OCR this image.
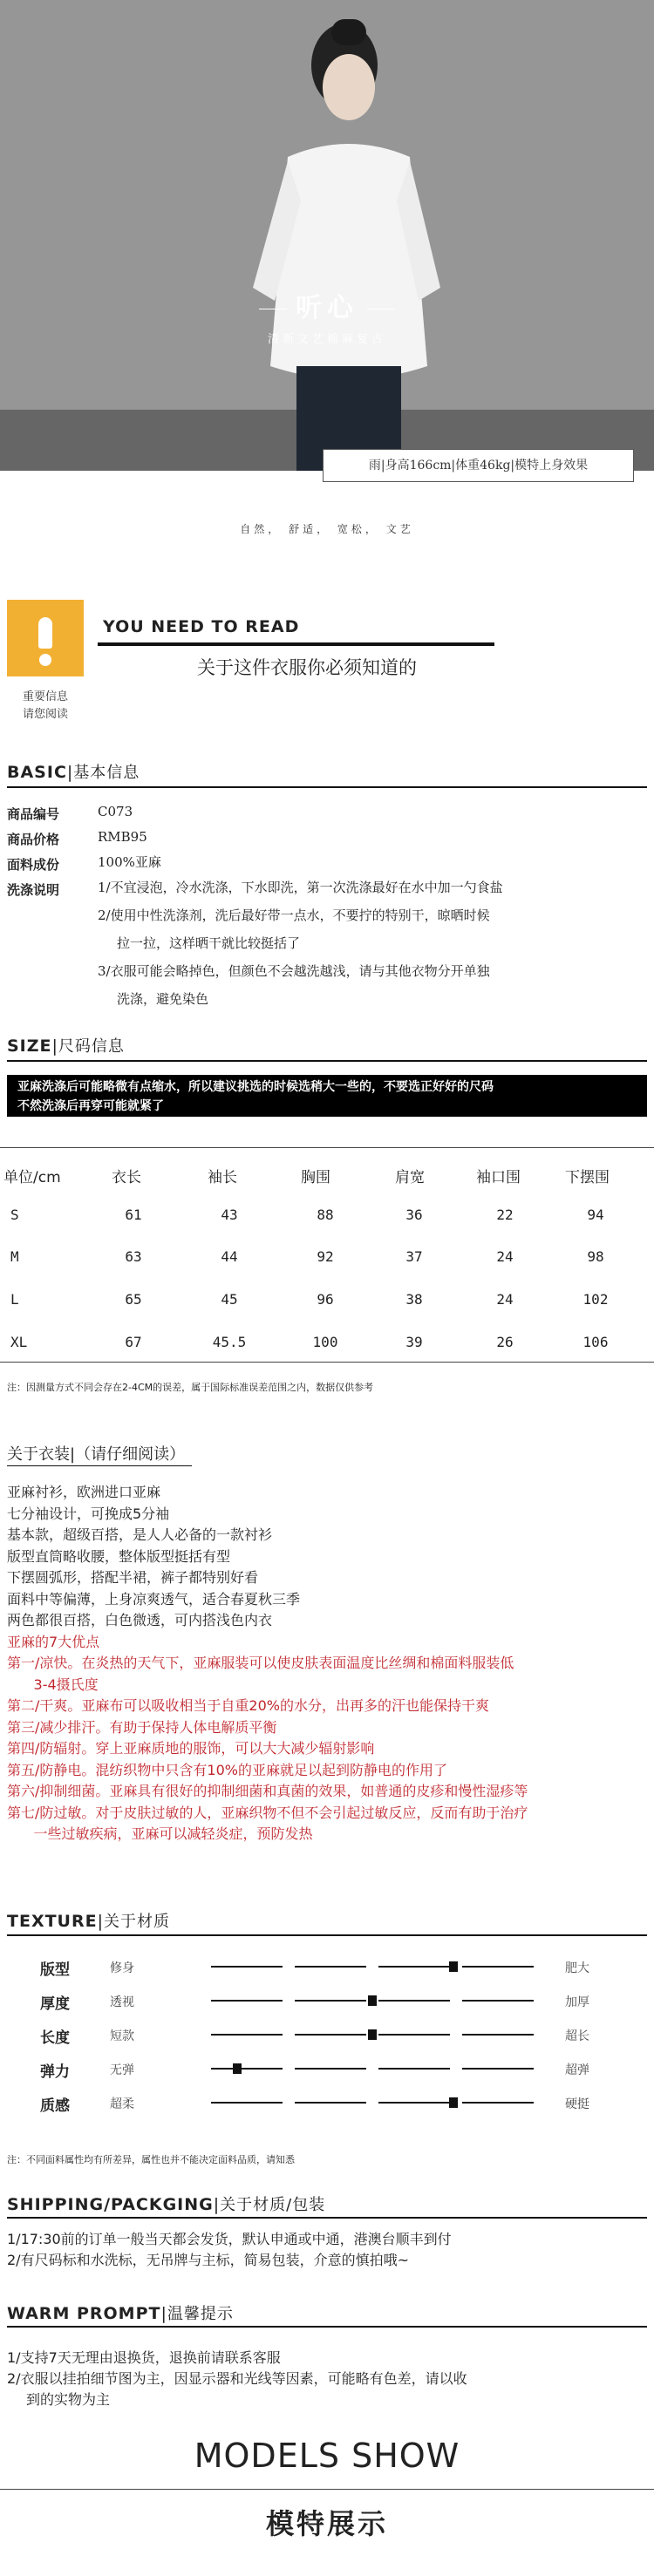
听心
清新文艺棉麻复古
雨|身高166cm|体重46kg|模特上身效果
自然， 舒适， 宽松， 文艺
重要信息
请您阅读
YOU NEED TO READ
关于这件衣服你必须知道的
BASIC|基本信息
商品编号	C073
商品价格	RMB95
面料成份	100%亚麻
洗涤说明	1/不宜浸泡，冷水洗涤，下水即洗，第一次洗涤最好在水中加一勺食盐
2/使用中性洗涤剂，洗后最好带一点水，不要拧的特别干，晾晒时候
拉一拉，这样晒干就比较挺括了
3/衣服可能会略掉色，但颜色不会越洗越浅，请与其他衣物分开单独
洗涤，避免染色
SIZE|尺码信息
亚麻洗涤后可能略微有点缩水，所以建议挑选的时候选稍大一些的，不要选正好好的尺码
不然洗涤后再穿可能就紧了
单位/cm	衣长	袖长	胸围	肩宽	袖口围	下摆围
S	61	43	88	36	22	94
M	63	44	92	37	24	98
L	65	45	96	38	24	102
XL	67	45.5	100	39	26	106
注：因测量方式不同会存在2-4CM的误差，属于国际标准误差范围之内，数据仅供参考
关于衣装|（请仔细阅读）
亚麻衬衫，欧洲进口亚麻
七分袖设计，可挽成5分袖
基本款，超级百搭，是人人必备的一款衬衫
版型直筒略收腰，整体版型挺括有型
下摆圆弧形，搭配半裙，裤子都特别好看
面料中等偏薄，上身凉爽透气，适合春夏秋三季
两色都很百搭，白色微透，可内搭浅色内衣
亚麻的7大优点
第一/凉快。在炎热的天气下，亚麻服装可以使皮肤表面温度比丝绸和棉面料服装低
3-4摄氏度
第二/干爽。亚麻布可以吸收相当于自重20%的水分，出再多的汗也能保持干爽
第三/减少排汗。有助于保持人体电解质平衡
第四/防辐射。穿上亚麻质地的服饰，可以大大减少辐射影响
第五/防静电。混纺织物中只含有10%的亚麻就足以起到防静电的作用了
第六/抑制细菌。亚麻具有很好的抑制细菌和真菌的效果，如普通的皮疹和慢性湿疹等
第七/防过敏。对于皮肤过敏的人，亚麻织物不但不会引起过敏反应，反而有助于治疗
一些过敏疾病，亚麻可以减轻炎症，预防发热
TEXTURE|关于材质
版型	修身	肥大
厚度	透视	加厚
长度	短款	超长
弹力	无弹	超弹
质感	超柔	硬挺
注：不同面料属性均有所差异，属性也并不能决定面料品质，请知悉
SHIPPING/PACKGING|关于材质/包装
1/17:30前的订单一般当天都会发货，默认申通或中通，港澳台顺丰到付
2/有尺码标和水洗标，无吊牌与主标，简易包装，介意的慎拍哦~
WARM PROMPT|温馨提示
1/支持7天无理由退换货，退换前请联系客服
2/衣服以挂拍细节图为主，因显示器和光线等因素，可能略有色差，请以收
到的实物为主
MODELS SHOW
模特展示
